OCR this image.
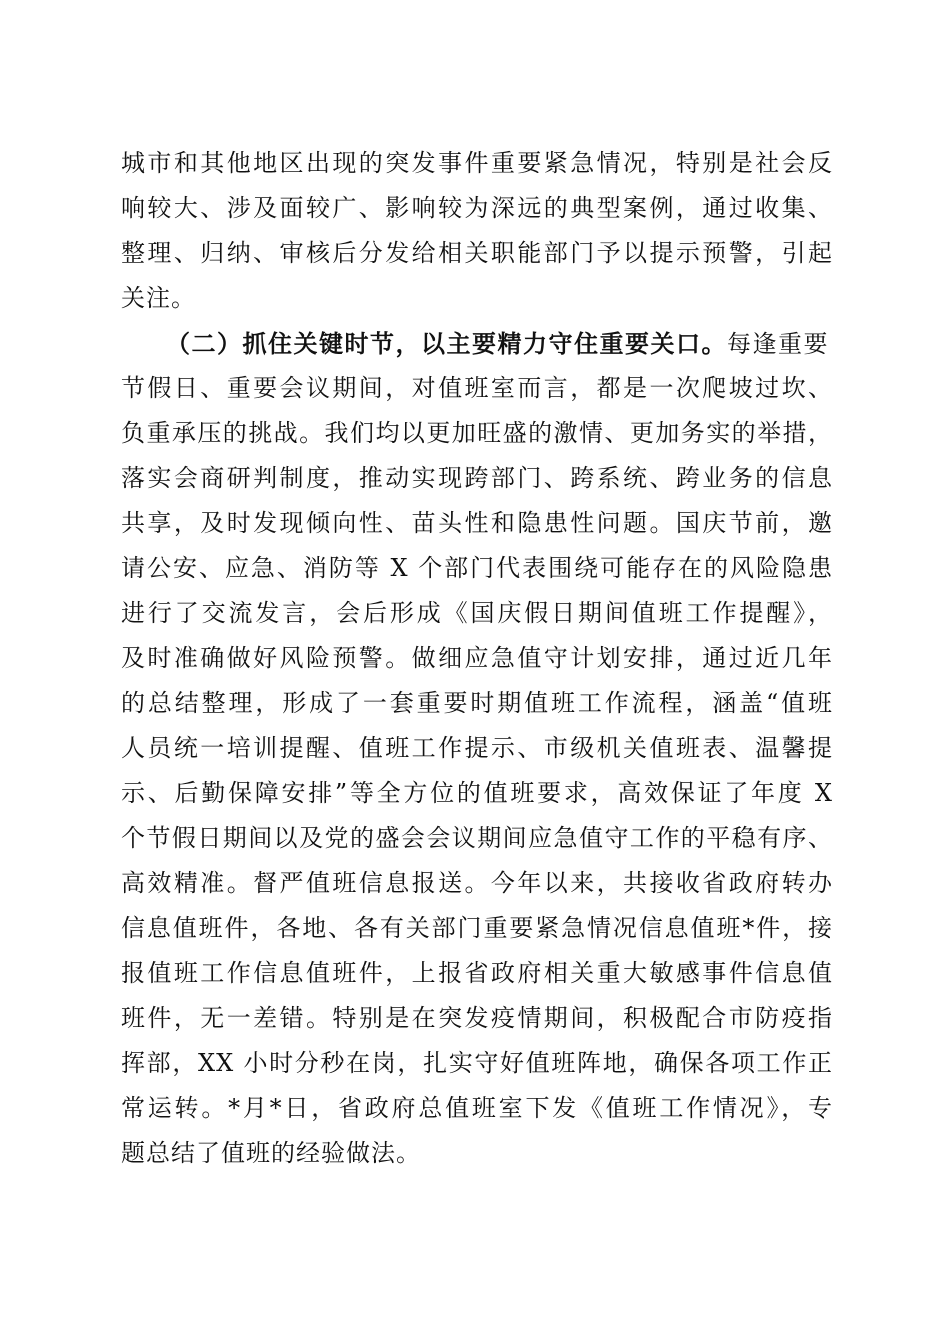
城市和其他地区出现的突发事件重要紧急情况，特别是社会反
响较大、涉及面较广、影响较为深远的典型案例，通过收集、
整理、归纳、审核后分发给相关职能部门予以提示预警，引起
关注。
（二）抓住关键时节，以主要精力守住重要关口。每逢重要
节假日、重要会议期间，对值班室而言，都是一次爬坡过坎、
负重承压的挑战。我们均以更加旺盛的激情、更加务实的举措，
落实会商研判制度，推动实现跨部门、跨系统、跨业务的信息
共享，及时发现倾向性、苗头性和隐患性问题。国庆节前，邀
请公安、应急、消防等 X 个部门代表围绕可能存在的风险隐患
进行了交流发言，会后形成《国庆假日期间值班工作提醒》，
及时准确做好风险预警。做细应急值守计划安排，通过近几年
的总结整理，形成了一套重要时期值班工作流程，涵盖“值班
人员统一培训提醒、值班工作提示、市级机关值班表、温馨提
示、后勤保障安排”等全方位的值班要求，高效保证了年度 X
个节假日期间以及党的盛会会议期间应急值守工作的平稳有序、
高效精准。督严值班信息报送。今年以来，共接收省政府转办
信息值班件，各地、各有关部门重要紧急情况信息值班*件，接
报值班工作信息值班件，上报省政府相关重大敏感事件信息值
班件，无一差错。特别是在突发疫情期间，积极配合市防疫指
挥部，XX 小时分秒在岗，扎实守好值班阵地，确保各项工作正
常运转。*月*日，省政府总值班室下发《值班工作情况》，专
题总结了值班的经验做法。
